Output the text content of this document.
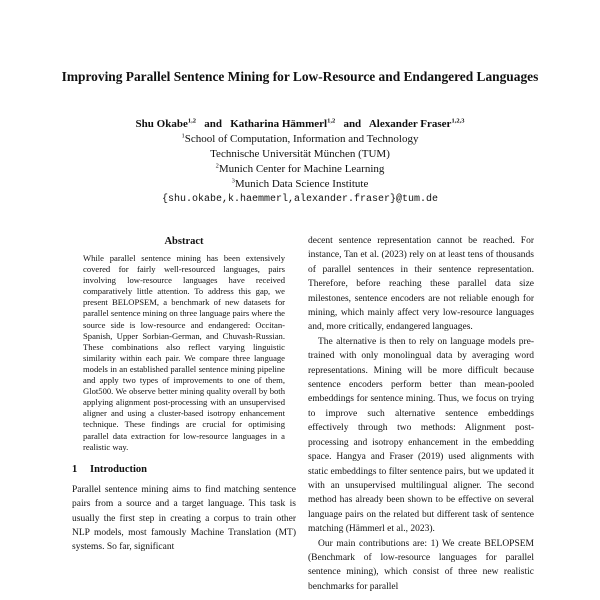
Improving Parallel Sentence Mining for Low-Resource and Endangered Languages
Shu Okabe$^{1,2}$ and Katharina Hämmerl$^{1,2}$ and Alexander Fraser$^{1,2,3}$
$^1$School of Computation, Information and Technology
Technische Universität München (TUM)
$^2$Munich Center for Machine Learning
$^3$Munich Data Science Institute
{shu.okabe,k.haemmerl,alexander.fraser}@tum.de
Abstract
While parallel sentence mining has been extensively covered for fairly well-resourced languages, pairs involving low-resource languages have received comparatively little attention. To address this gap, we present BELOPSEM, a benchmark of new datasets for parallel sentence mining on three language pairs where the source side is low-resource and endangered: Occitan-Spanish, Upper Sorbian-German, and Chuvash-Russian. These combinations also reflect varying linguistic similarity within each pair. We compare three language models in an established parallel sentence mining pipeline and apply two types of improvements to one of them, Glot500. We observe better mining quality overall by both applying alignment post-processing with an unsupervised aligner and using a cluster-based isotropy enhancement technique. These findings are crucial for optimising parallel data extraction for low-resource languages in a realistic way.
1 Introduction

Parallel sentence mining aims to find matching sentence pairs from a source and a target language. This task is usually the first step in creating a corpus to train other NLP models, most famously Machine Translation (MT) systems. So far, significant

decent sentence representation cannot be reached. For instance, Tan et al. (2023) rely on at least tens of thousands of parallel sentences in their sentence representation. Therefore, before reaching these parallel data size milestones, sentence encoders are not reliable enough for mining, which mainly affect very low-resource languages and, more critically, endangered languages.

The alternative is then to rely on language models pre-trained with only monolingual data by averaging word representations. Mining will be more difficult because sentence encoders perform better than mean-pooled embeddings for sentence mining. Thus, we focus on trying to improve such alternative sentence embeddings effectively through two methods: Alignment post-processing and isotropy enhancement in the embedding space. Hangya and Fraser (2019) used alignments with static embeddings to filter sentence pairs, but we updated it with an unsupervised multilingual aligner. The second method has already been shown to be effective on several language pairs on the related but different task of sentence matching (Hämmerl et al., 2023).

Our main contributions are: 1) We create BELOPSEM (Benchmark of low-resource languages for parallel sentence mining), which consist of three new realistic benchmarks for parallel
